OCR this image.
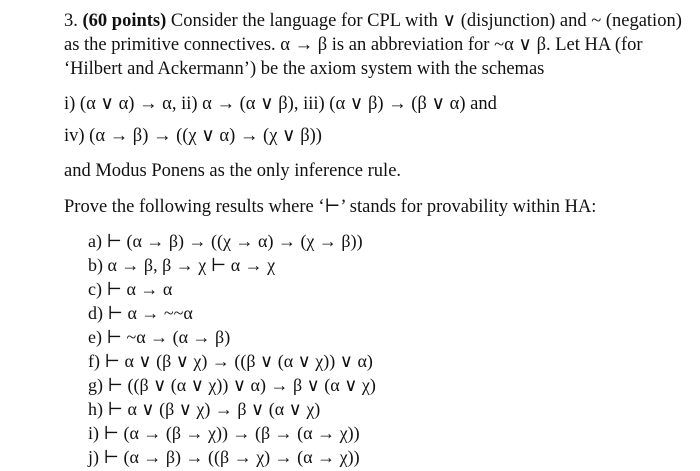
3. (60 points) Consider the language for CPL with ∨ (disjunction) and ~ (negation)
as the primitive connectives. α → β is an abbreviation for ~α ∨ β. Let HA (for
‘Hilbert and Ackermann’) be the axiom system with the schemas
i) (α ∨ α) → α, ii) α → (α ∨ β), iii) (α ∨ β) → (β ∨ α) and
iv) (α → β) → ((χ ∨ α) → (χ ∨ β))
and Modus Ponens as the only inference rule.
Prove the following results where ‘⊢’ stands for provability within HA:
a) ⊢ (α → β) → ((χ → α) → (χ → β))
b) α → β, β → χ ⊢ α → χ
c) ⊢ α → α
d) ⊢ α → ~~α
e) ⊢ ~α → (α → β)
f) ⊢ α ∨ (β ∨ χ) → ((β ∨ (α ∨ χ)) ∨ α)
g) ⊢ ((β ∨ (α ∨ χ)) ∨ α) → β ∨ (α ∨ χ)
h) ⊢ α ∨ (β ∨ χ) → β ∨ (α ∨ χ)
i) ⊢ (α → (β → χ)) → (β → (α → χ))
j) ⊢ (α → β) → ((β → χ) → (α → χ))
